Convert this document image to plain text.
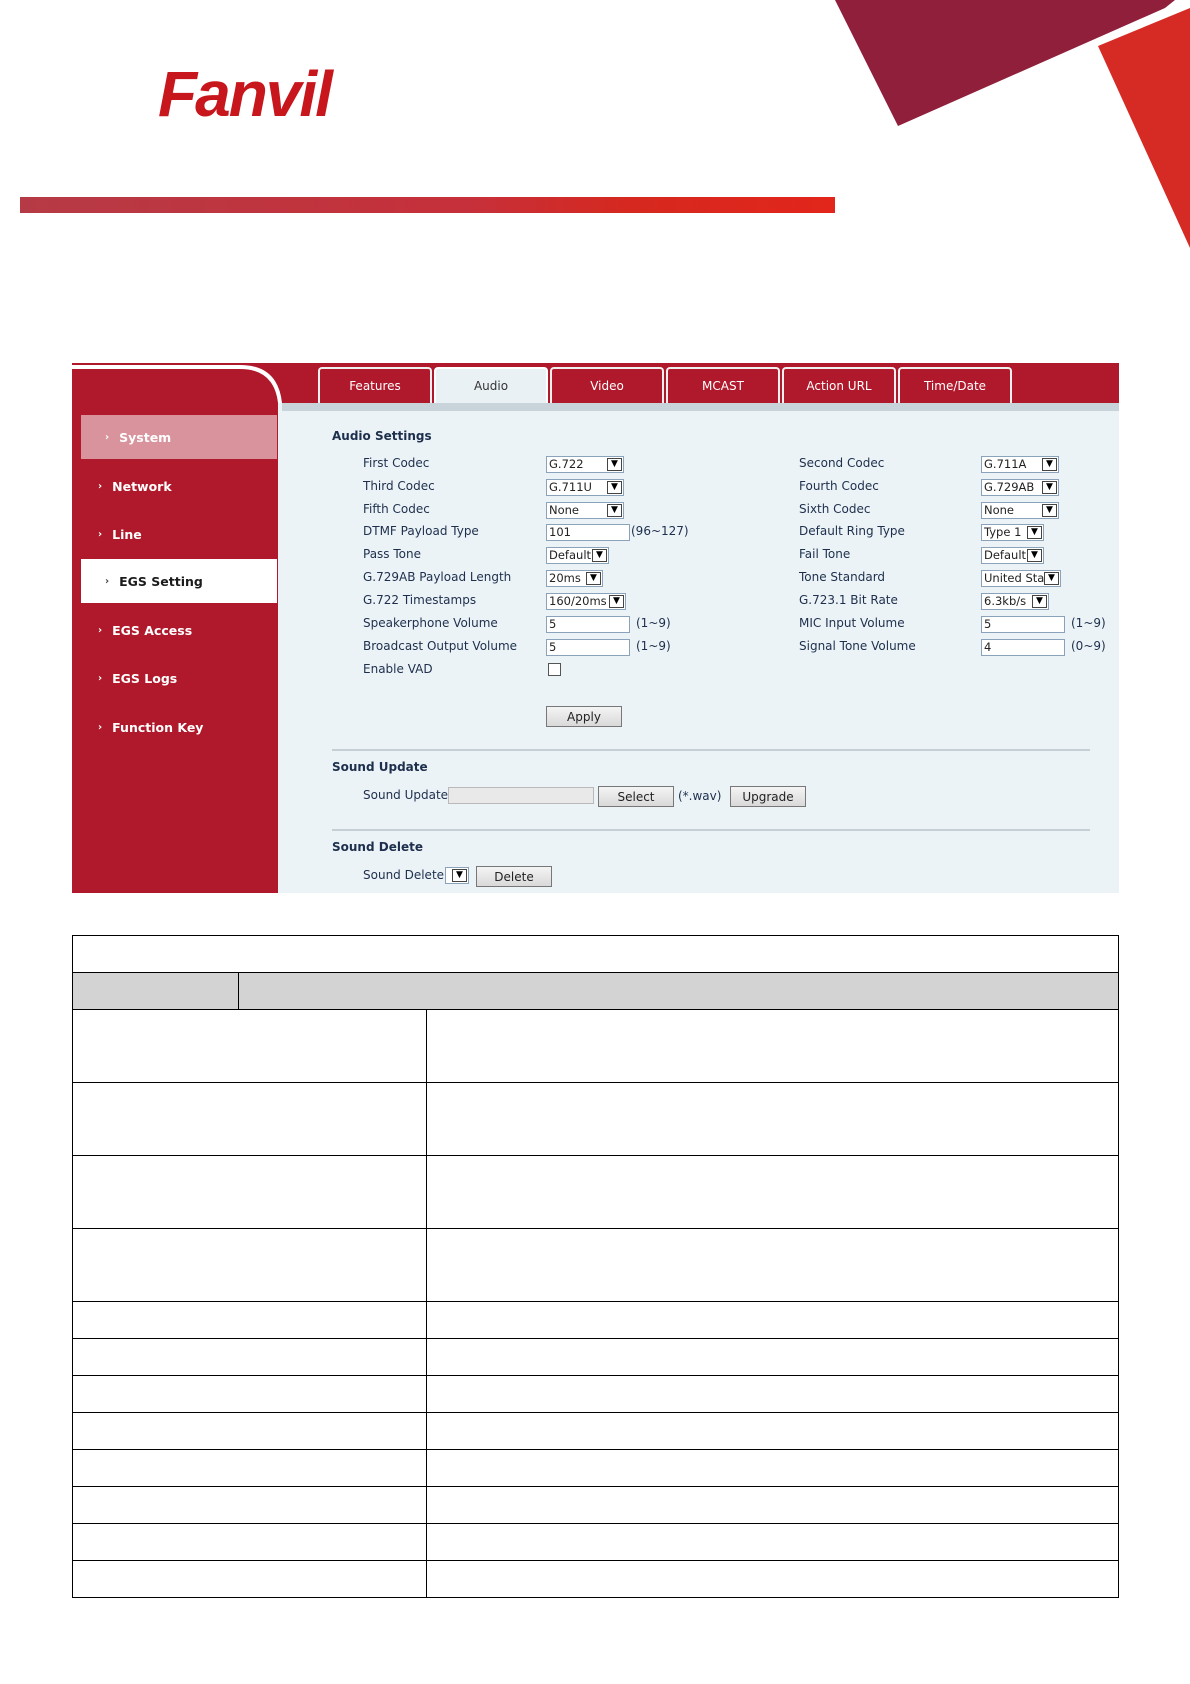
Fanvil
› System
› Network
› Line
› EGS Setting
› EGS Access
› EGS Logs
› Function Key
Features	Audio	Video	MCAST	Action URL	Time/Date
Audio Settings
First Codec	G.722	▼	Second Codec	G.711A	▼
Third Codec	G.711U	▼	Fourth Codec	G.729AB	▼
Fifth Codec	None	▼	Sixth Codec	None	▼
DTMF Payload Type	101	(96~127)	Default Ring Type	Type 1	▼
Pass Tone	Default ▼	Fail Tone	Default ▼
G.729AB Payload Length	20ms	▼	Tone Standard	United Sta ▼
G.722 Timestamps	160/20ms ▼	G.723.1 Bit Rate	6.3kb/s	▼
Speakerphone Volume	5	(1~9)	MIC Input Volume	5	(1~9)
Broadcast Output Volume	5	(1~9)	Signal Tone Volume	4	(0~9)
Enable VAD
Apply
Sound Update
Sound Update	Select	(*.wav)	Upgrade
Sound Delete
Sound Delete	▼	Delete
